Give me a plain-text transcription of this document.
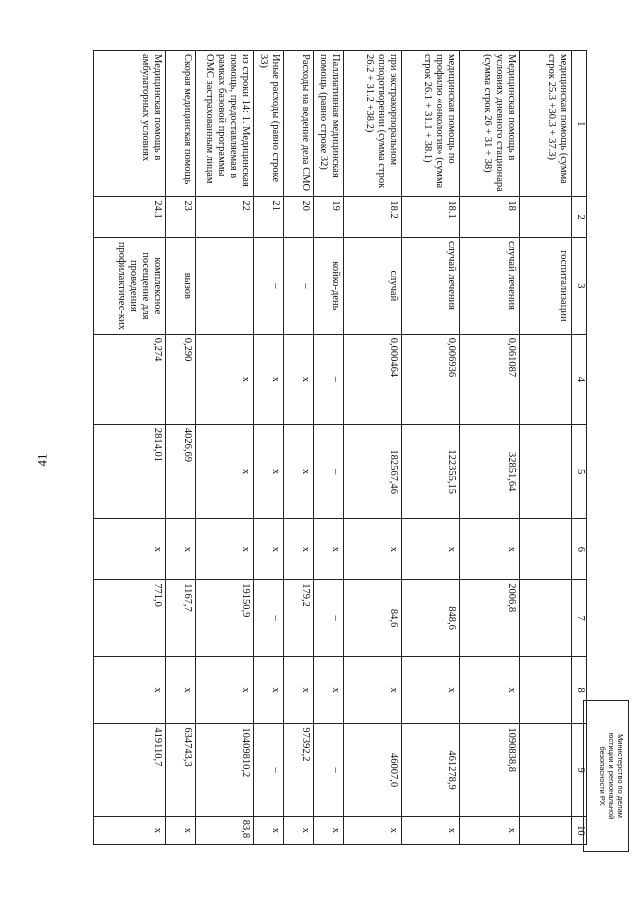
41
1	2	3	4	5	6	7	8	9	10
медицинская помощь (сумма строк 25.3 +30.3 + 37.3)		госпитализации							
Медицинская помощь в условиях дневного стационара (сумма строк 26 + 31 + 38)	18	случай лечения	0,061087	32851,64	х	2006,8	х	1090838,8	х
медицинская помощь по профилю «онкология» (сумма строк 26.1 + 31.1 + 38.1)	18.1	случай лечения	0,006936	122355,15	х	848,6	х	461278,9	х
при экстракорпоральном оплодотворении (сумма строк 26.2 + 31.2 +38.2)	18.2	случай	0,000464	182567,46	х	84,6	х	46007,0	х
Паллиативная медицинская помощь (равно строке 32)	19	койко-день	–	–	х	–	х	–	х
Расходы на ведение дела СМО	20	–	х	х	х	179,2	х	97392,2	х
Иные расходы (равно строке 33)	21	–	х	х	х	–	х	–	х
из строки 14: 1. Медицинская помощь, предоставляемая в рамках базовой программы ОМС застрахованным лицам	22		х	х	х	19150,9	х	10409810,2	83,8
Скорая медицинская помощь	23	вызов	0,290	4026,69	х	1167,7	х	634743,3	х
Медицинская помощь в амбулаторных условиях	24.1	комплексное посещение для проведения профилактичес-ких	0,274	2814,01	х	771,0	х	419110,7	х
Министерство по делам
юстиции и региональной
безопасности РХ
